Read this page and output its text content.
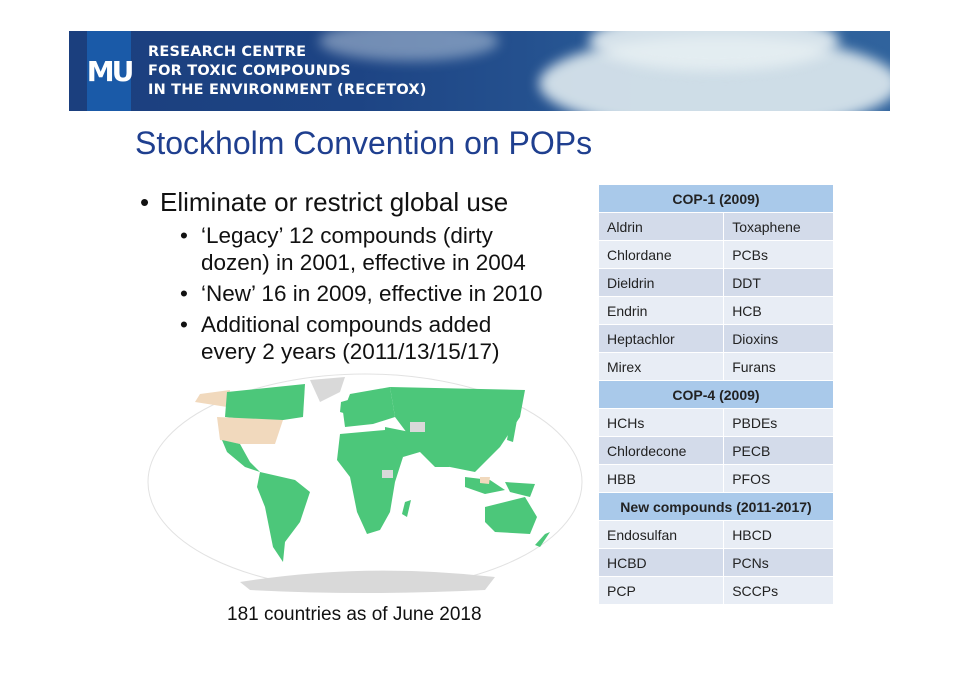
MU
RESEARCH CENTRE
FOR TOXIC COMPOUNDS
IN THE ENVIRONMENT (RECETOX)
Stockholm Convention on POPs
• Eliminate or restrict global use
• ‘Legacy’ 12 compounds (dirty dozen) in 2001, effective in 2004
• ‘New’ 16 in 2009, effective in 2010
• Additional compounds added every 2 years (2011/13/15/17)
181 countries as of June 2018
COP-1 (2009)	
Aldrin	Toxaphene
Chlordane	PCBs
Dieldrin	DDT
Endrin	HCB
Heptachlor	Dioxins
Mirex	Furans
COP-4 (2009)	
HCHs	PBDEs
Chlordecone	PECB
HBB	PFOS
New compounds (2011-2017)	
Endosulfan	HBCD
HCBD	PCNs
PCP	SCCPs
